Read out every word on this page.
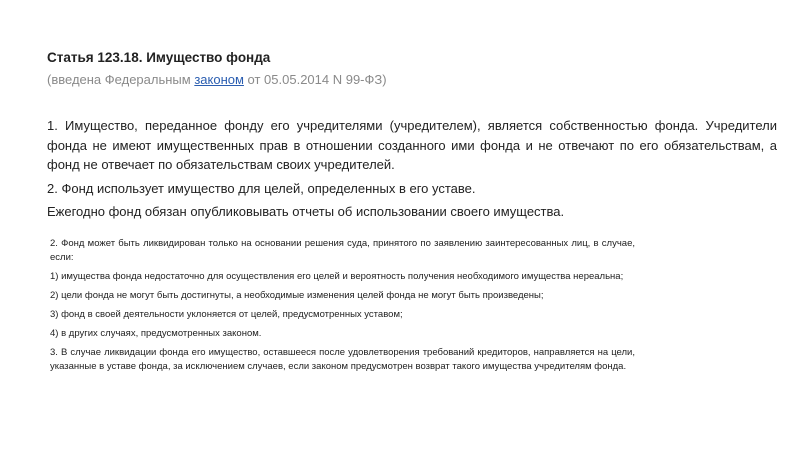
Статья 123.18. Имущество фонда
(введена Федеральным законом от 05.05.2014 N 99-ФЗ)

1. Имущество, переданное фонду его учредителями (учредителем), является собственностью фонда. Учредители фонда не имеют имущественных прав в отношении созданного ими фонда и не отвечают по его обязательствам, а фонд не отвечает по обязательствам своих учредителей.

2. Фонд использует имущество для целей, определенных в его уставе.

Ежегодно фонд обязан опубликовывать отчеты об использовании своего имущества.

2. Фонд может быть ликвидирован только на основании решения суда, принятого по заявлению заинтересованных лиц, в случае, если:

1) имущества фонда недостаточно для осуществления его целей и вероятность получения необходимого имущества нереальна;

2) цели фонда не могут быть достигнуты, а необходимые изменения целей фонда не могут быть произведены;

3) фонд в своей деятельности уклоняется от целей, предусмотренных уставом;

4) в других случаях, предусмотренных законом.

3. В случае ликвидации фонда его имущество, оставшееся после удовлетворения требований кредиторов, направляется на цели, указанные в уставе фонда, за исключением случаев, если законом предусмотрен возврат такого имущества учредителям фонда.
